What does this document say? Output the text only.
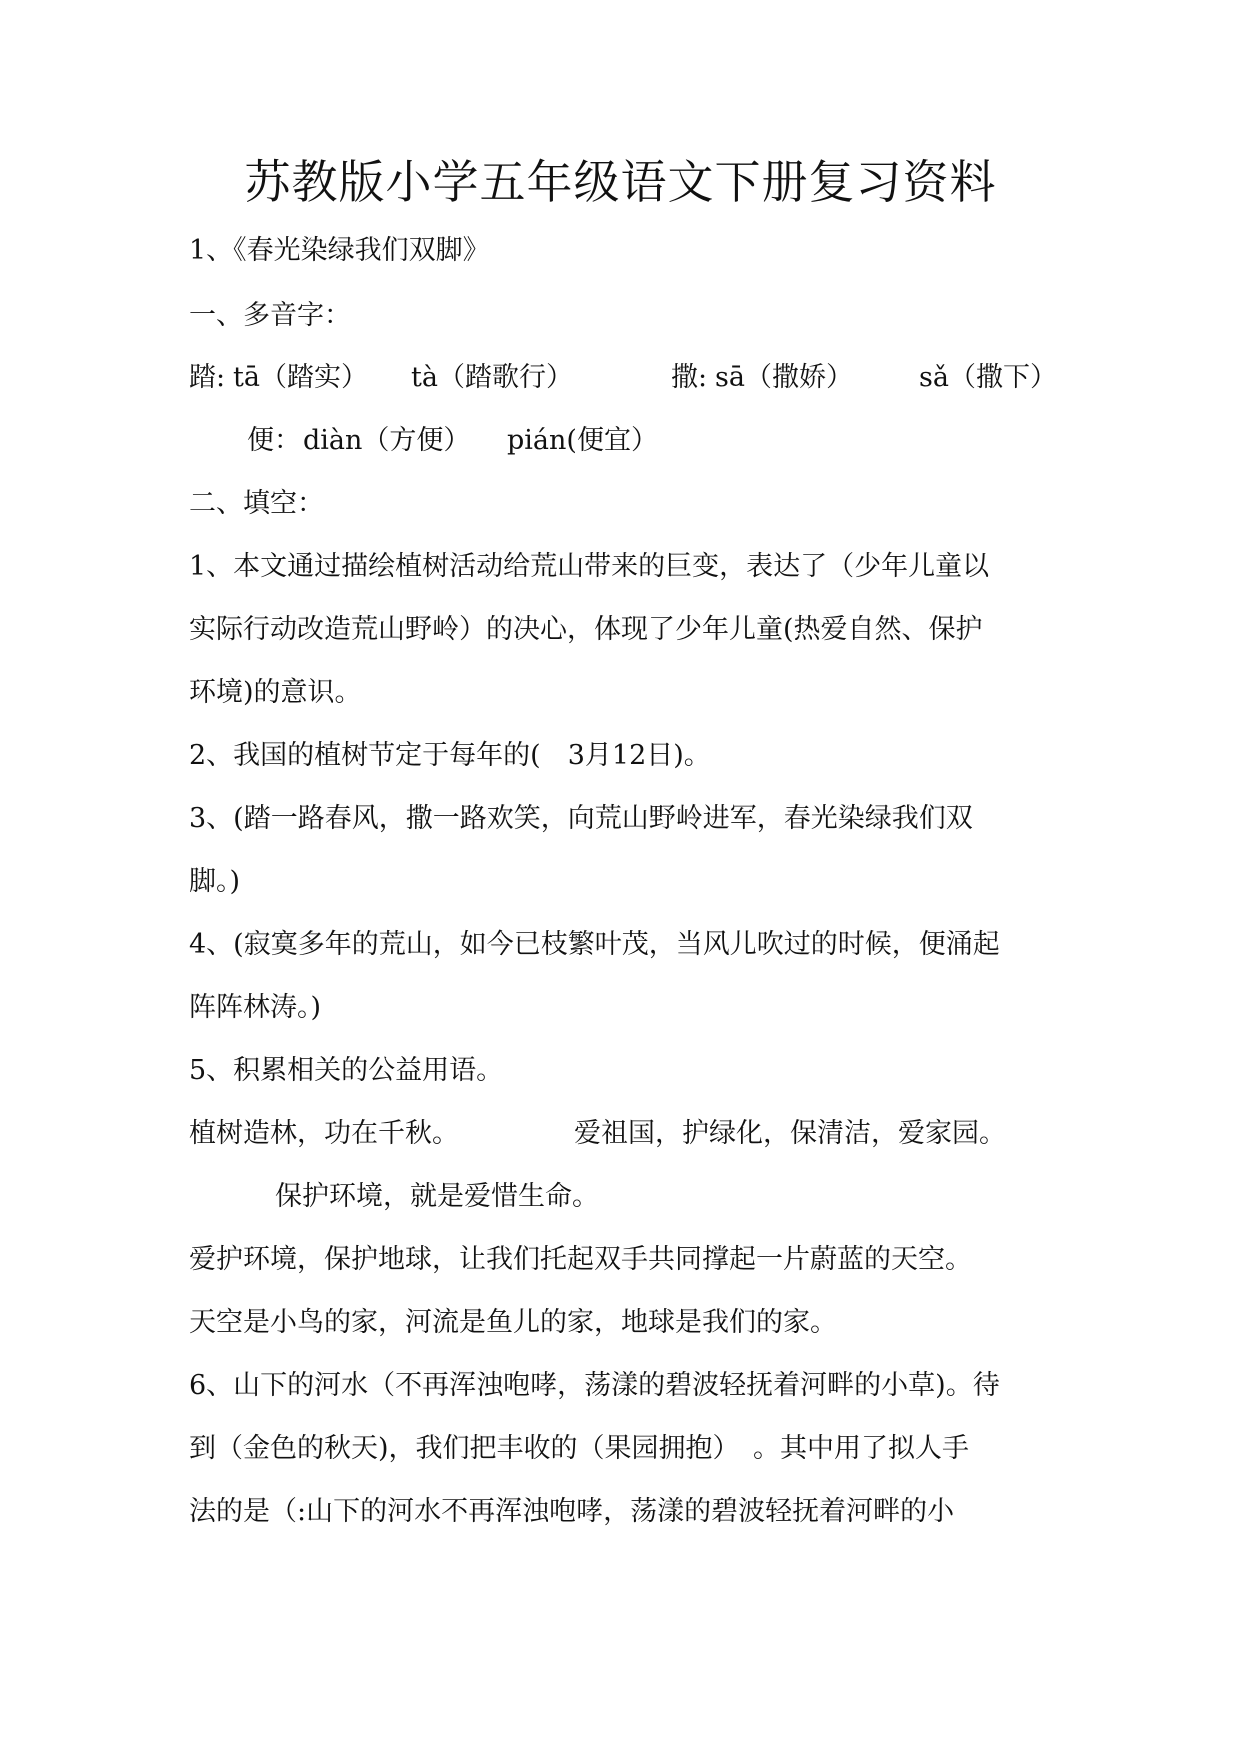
苏教版小学五年级语文下册复习资料
1、《春光染绿我们双脚》
一、多音字：
踏: tā（踏实） tà（踏歌行）	撒: sā（撒娇） sǎ（撒下）
便： diàn（方便） pián(便宜）
二、填空：
1、本文通过描绘植树活动给荒山带来的巨变，表达了（少年儿童以
实际行动改造荒山野岭）的决心，体现了少年儿童(热爱自然、保护
环境)的意识。
2、我国的植树节定于每年的(　3月12日)。
3、(踏一路春风，撒一路欢笑，向荒山野岭进军，春光染绿我们双
脚。)
4、(寂寞多年的荒山，如今已枝繁叶茂，当风儿吹过的时候，便涌起
阵阵林涛。)
5、积累相关的公益用语。
植树造林，功在千秋。	爱祖国，护绿化，保清洁，爱家园。
保护环境，就是爱惜生命。
爱护环境，保护地球，让我们托起双手共同撑起一片蔚蓝的天空。
天空是小鸟的家，河流是鱼儿的家，地球是我们的家。
6、山下的河水（不再浑浊咆哮，荡漾的碧波轻抚着河畔的小草)。待
到（金色的秋天)，我们把丰收的（果园拥抱）　。其中用了拟人手
法的是（:山下的河水不再浑浊咆哮，荡漾的碧波轻抚着河畔的小
